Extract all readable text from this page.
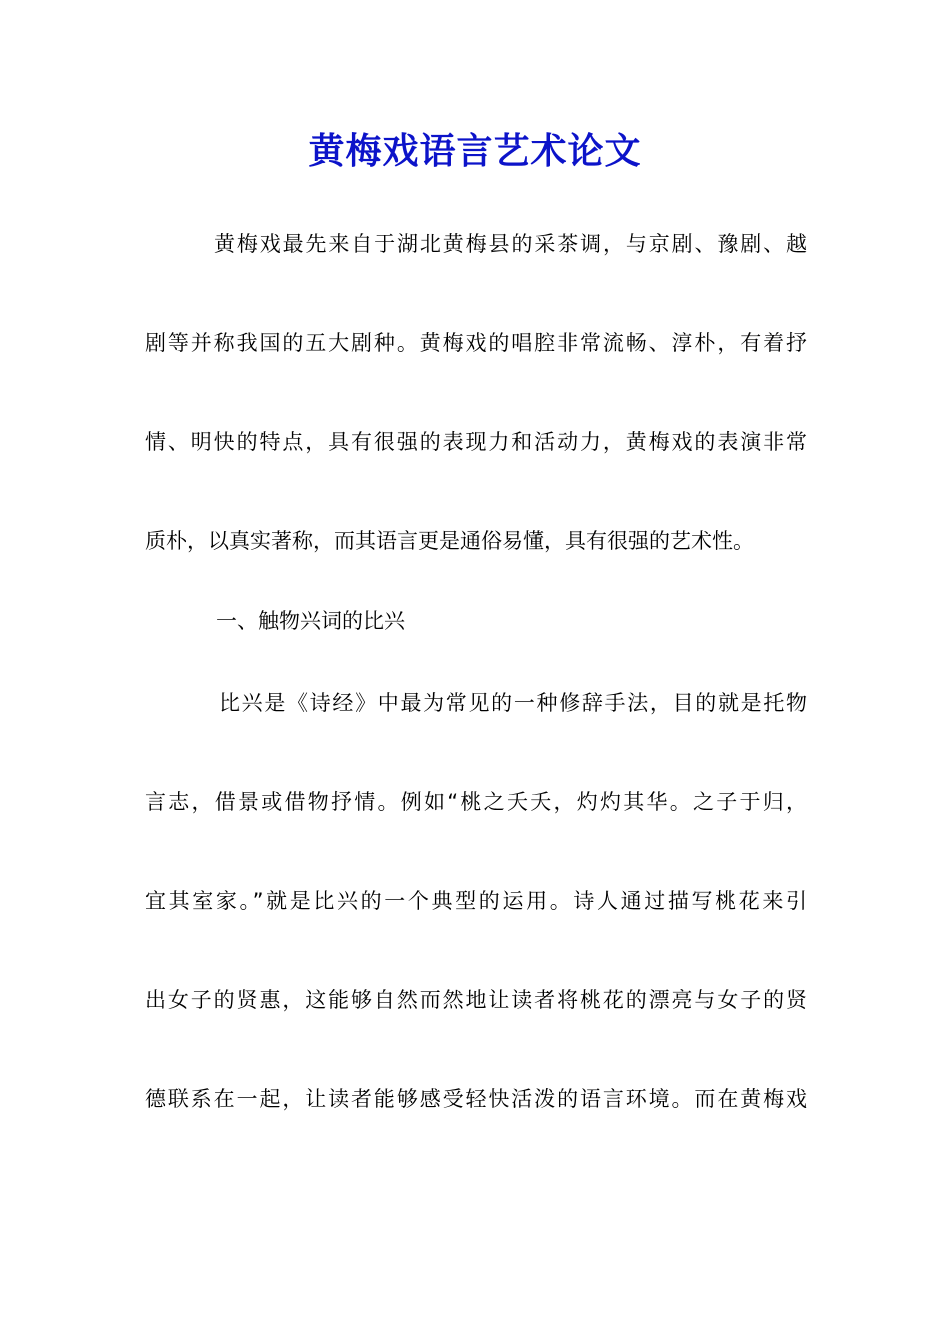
黄梅戏语言艺术论文
黄梅戏最先来自于湖北黄梅县的采茶调，与京剧、豫剧、越
剧等并称我国的五大剧种。黄梅戏的唱腔非常流畅、淳朴，有着抒
情、明快的特点，具有很强的表现力和活动力，黄梅戏的表演非常
质朴，以真实著称，而其语言更是通俗易懂，具有很强的艺术性。
一、触物兴词的比兴
比兴是《诗经》中最为常见的一种修辞手法，目的就是托物
言志，借景或借物抒情。例如“桃之夭夭，灼灼其华。之子于归，
宜其室家。”就是比兴的一个典型的运用。诗人通过描写桃花来引
出女子的贤惠，这能够自然而然地让读者将桃花的漂亮与女子的贤
德联系在一起，让读者能够感受轻快活泼的语言环境。而在黄梅戏
